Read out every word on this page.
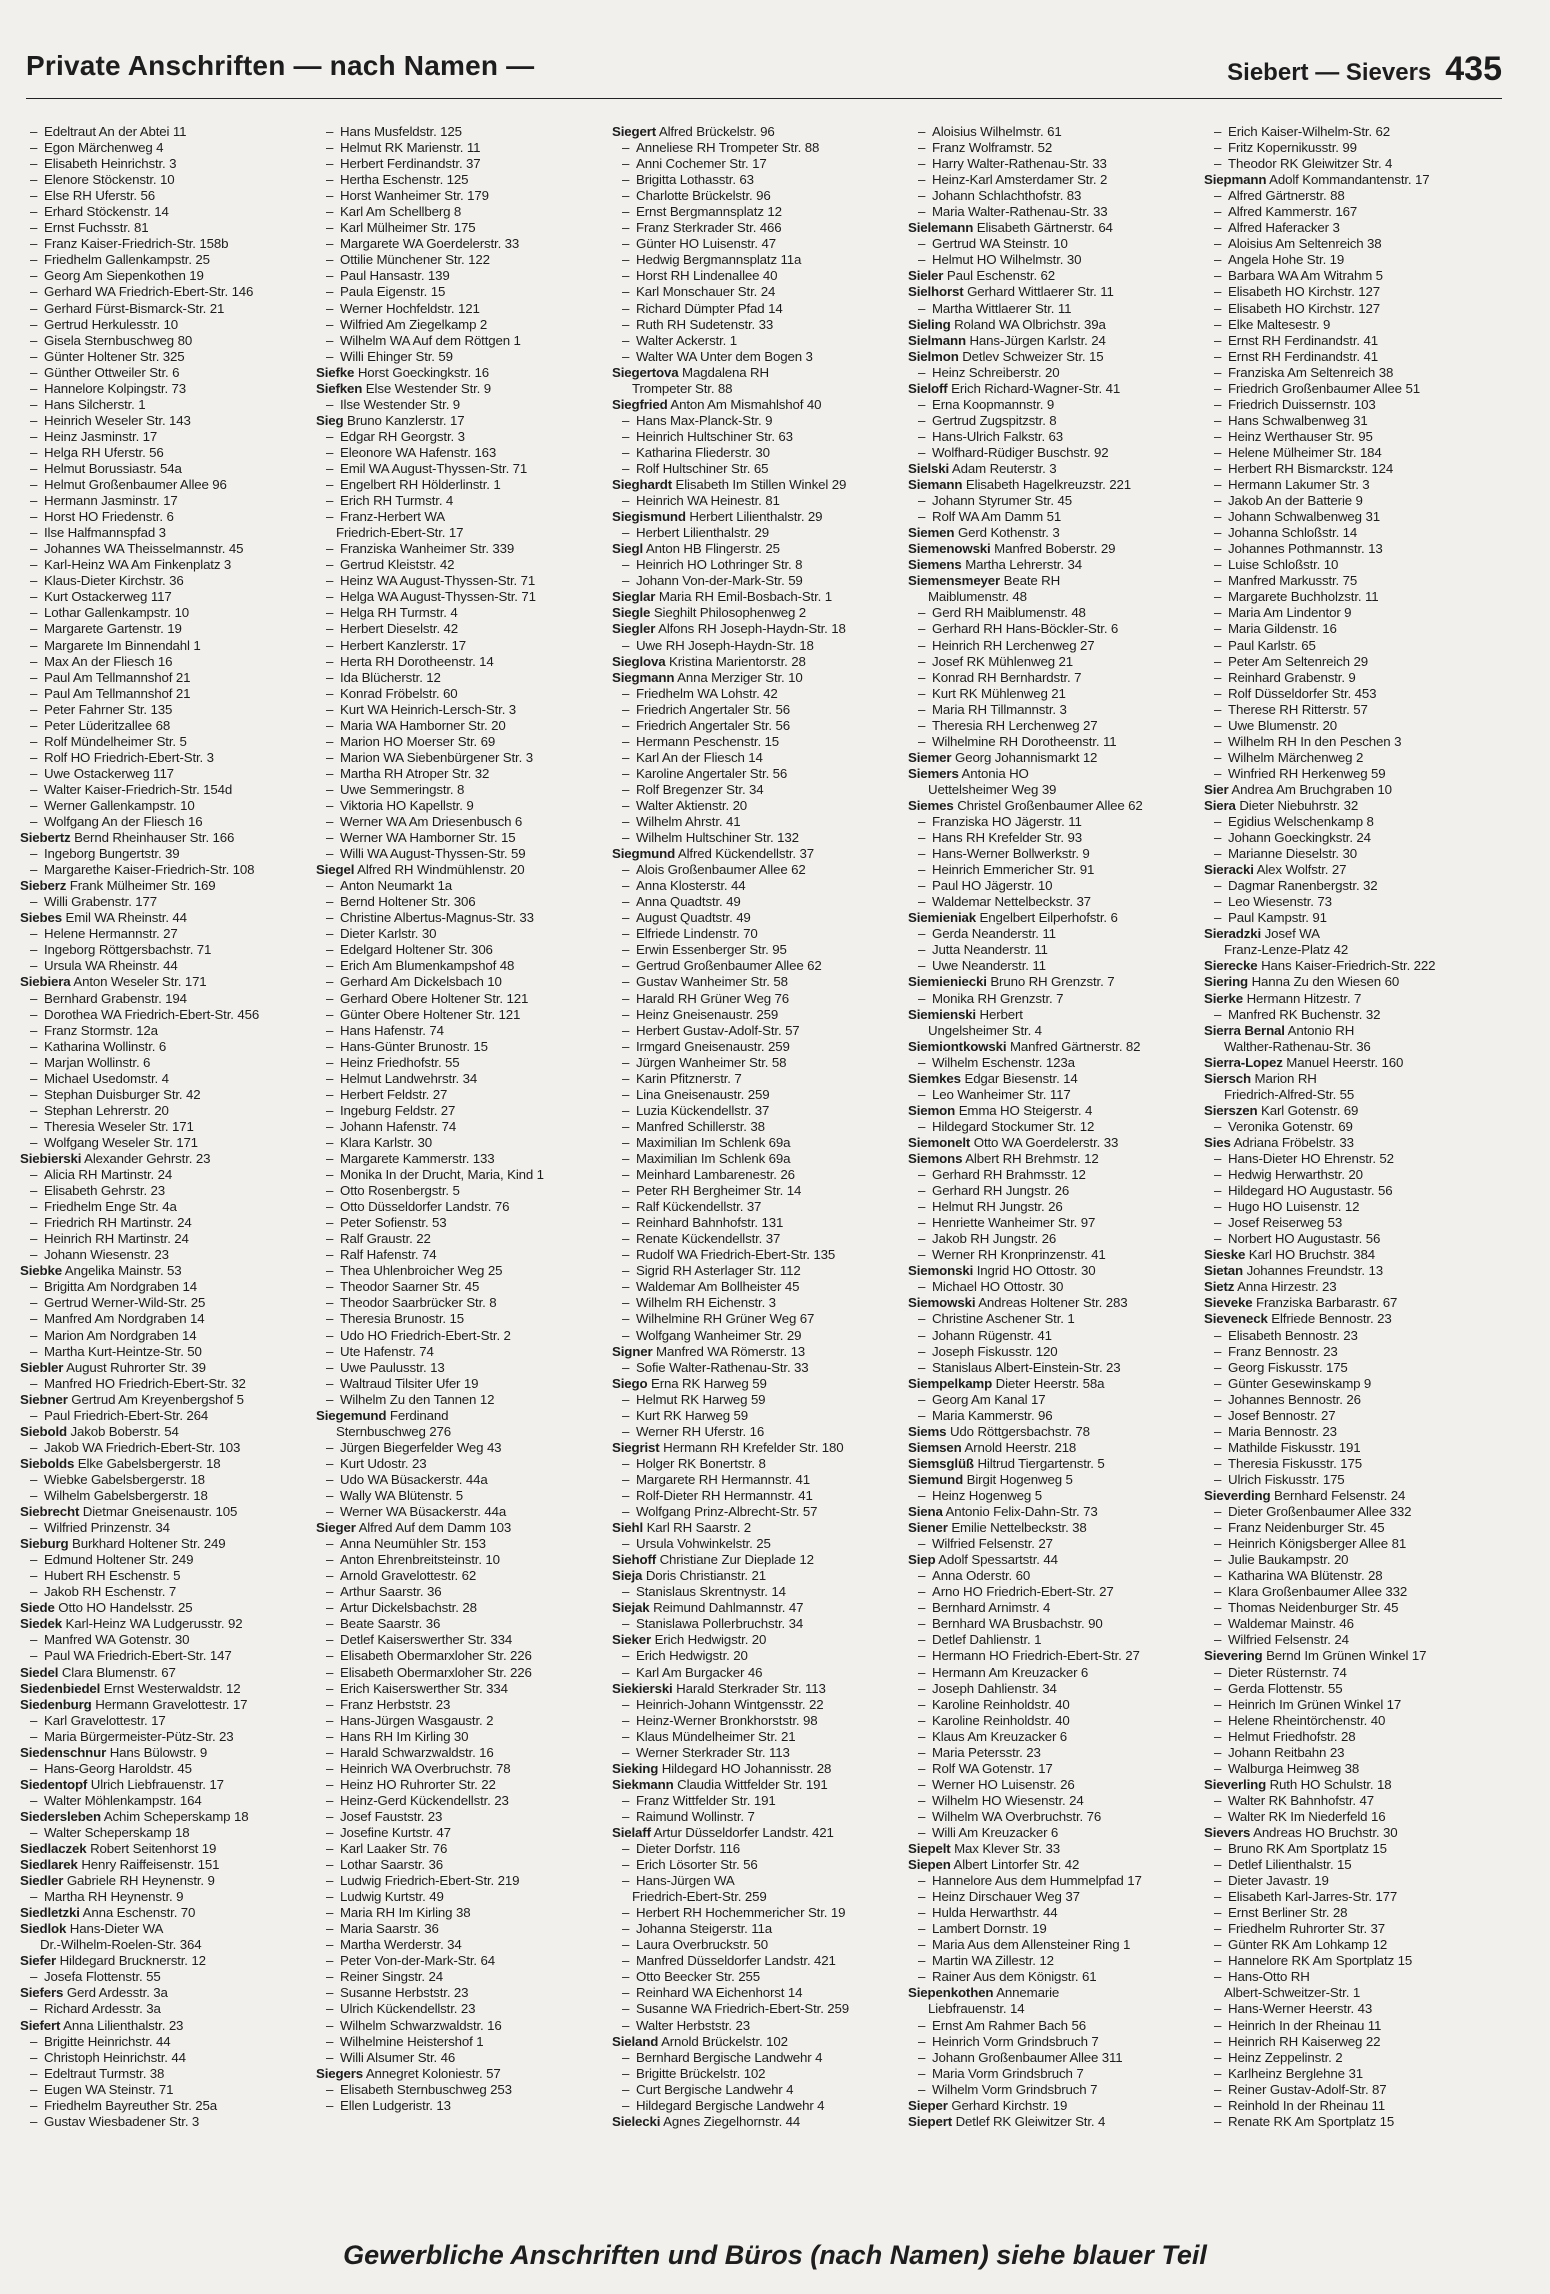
Private Anschriften — nach Namen —	Siebert — Sievers 435
– Edeltraut An der Abtei 11
– Egon Märchenweg 4
– Elisabeth Heinrichstr. 3
– Elenore Stöckenstr. 10
– Else RH Uferstr. 56
– Erhard Stöckenstr. 14
– Ernst Fuchsstr. 81
– Franz Kaiser-Friedrich-Str. 158b
– Friedhelm Gallenkampstr. 25
– Georg Am Siepenkothen 19
– Gerhard WA Friedrich-Ebert-Str. 146
– Gerhard Fürst-Bismarck-Str. 21
– Gertrud Herkulesstr. 10
– Gisela Sternbuschweg 80
– Günter Holtener Str. 325
– Günther Ottweiler Str. 6
– Hannelore Kolpingstr. 73
– Hans Silcherstr. 1
– Heinrich Weseler Str. 143
– Heinz Jasminstr. 17
– Helga RH Uferstr. 56
– Helmut Borussiastr. 54a
– Helmut Großenbaumer Allee 96
– Hermann Jasminstr. 17
– Horst HO Friedenstr. 6
– Ilse Halfmannspfad 3
– Johannes WA Theisselmannstr. 45
– Karl-Heinz WA Am Finkenplatz 3
– Klaus-Dieter Kirchstr. 36
– Kurt Ostackerweg 117
– Lothar Gallenkampstr. 10
– Margarete Gartenstr. 19
– Margarete Im Binnendahl 1
– Max An der Fliesch 16
– Paul Am Tellmannshof 21
– Paul Am Tellmannshof 21
– Peter Fahrner Str. 135
– Peter Lüderitzallee 68
– Rolf Mündelheimer Str. 5
– Rolf HO Friedrich-Ebert-Str. 3
– Uwe Ostackerweg 117
– Walter Kaiser-Friedrich-Str. 154d
– Werner Gallenkampstr. 10
– Wolfgang An der Fliesch 16
Siebertz Bernd Rheinhauser Str. 166
– Ingeborg Bungertstr. 39
– Margarethe Kaiser-Friedrich-Str. 108
Sieberz Frank Mülheimer Str. 169
– Willi Grabenstr. 177
Siebes Emil WA Rheinstr. 44
– Helene Hermannstr. 27
– Ingeborg Röttgersbachstr. 71
– Ursula WA Rheinstr. 44
Siebiera Anton Weseler Str. 171
– Bernhard Grabenstr. 194
– Dorothea WA Friedrich-Ebert-Str. 456
– Franz Stormstr. 12a
– Katharina Wollinstr. 6
– Marjan Wollinstr. 6
– Michael Usedomstr. 4
– Stephan Duisburger Str. 42
– Stephan Lehrerstr. 20
– Theresia Weseler Str. 171
– Wolfgang Weseler Str. 171
Siebierski Alexander Gehrstr. 23
– Alicia RH Martinstr. 24
– Elisabeth Gehrstr. 23
– Friedhelm Enge Str. 4a
– Friedrich RH Martinstr. 24
– Heinrich RH Martinstr. 24
– Johann Wiesenstr. 23
Siebke Angelika Mainstr. 53
– Brigitta Am Nordgraben 14
– Gertrud Werner-Wild-Str. 25
– Manfred Am Nordgraben 14
– Marion Am Nordgraben 14
– Martha Kurt-Heintze-Str. 50
Siebler August Ruhrorter Str. 39
– Manfred HO Friedrich-Ebert-Str. 32
Siebner Gertrud Am Kreyenbergshof 5
– Paul Friedrich-Ebert-Str. 264
Siebold Jakob Boberstr. 54
– Jakob WA Friedrich-Ebert-Str. 103
Siebolds Elke Gabelsbergerstr. 18
– Wiebke Gabelsbergerstr. 18
– Wilhelm Gabelsbergerstr. 18
Siebrecht Dietmar Gneisenaustr. 105
– Wilfried Prinzenstr. 34
Sieburg Burkhard Holtener Str. 249
– Edmund Holtener Str. 249
– Hubert RH Eschenstr. 5
– Jakob RH Eschenstr. 7
Siede Otto HO Handelsstr. 25
Siedek Karl-Heinz WA Ludgerusstr. 92
– Manfred WA Gotenstr. 30
– Paul WA Friedrich-Ebert-Str. 147
Siedel Clara Blumenstr. 67
Siedenbiedel Ernst Westerwaldstr. 12
Siedenburg Hermann Gravelottestr. 17
– Karl Gravelottestr. 17
– Maria Bürgermeister-Pütz-Str. 23
Siedenschnur Hans Bülowstr. 9
– Hans-Georg Haroldstr. 45
Siedentopf Ulrich Liebfrauenstr. 17
– Walter Möhlenkampstr. 164
Siedersleben Achim Scheperskamp 18
– Walter Scheperskamp 18
Siedlaczek Robert Seitenhorst 19
Siedlarek Henry Raiffeisenstr. 151
Siedler Gabriele RH Heynenstr. 9
– Martha RH Heynenstr. 9
Siedletzki Anna Eschenstr. 70
Siedlok Hans-Dieter WA
Dr.-Wilhelm-Roelen-Str. 364
Siefer Hildegard Brucknerstr. 12
– Josefa Flottenstr. 55
Siefers Gerd Ardesstr. 3a
– Richard Ardesstr. 3a
Siefert Anna Lilienthalstr. 23
– Brigitte Heinrichstr. 44
– Christoph Heinrichstr. 44
– Edeltraut Turmstr. 38
– Eugen WA Steinstr. 71
– Friedhelm Bayreuther Str. 25a
– Gustav Wiesbadener Str. 3
– Hans Musfeldstr. 125
– Helmut RK Marienstr. 11
– Herbert Ferdinandstr. 37
– Hertha Eschenstr. 125
– Horst Wanheimer Str. 179
– Karl Am Schellberg 8
– Karl Mülheimer Str. 175
– Margarete WA Goerdelerstr. 33
– Ottilie Münchener Str. 122
– Paul Hansastr. 139
– Paula Eigenstr. 15
– Werner Hochfeldstr. 121
– Wilfried Am Ziegelkamp 2
– Wilhelm WA Auf dem Röttgen 1
– Willi Ehinger Str. 59
Siefke Horst Goeckingkstr. 16
Siefken Else Westender Str. 9
– Ilse Westender Str. 9
Sieg Bruno Kanzlerstr. 17
– Edgar RH Georgstr. 3
– Eleonore WA Hafenstr. 163
– Emil WA August-Thyssen-Str. 71
– Engelbert RH Hölderlinstr. 1
– Erich RH Turmstr. 4
– Franz-Herbert WA
Friedrich-Ebert-Str. 17
– Franziska Wanheimer Str. 339
– Gertrud Kleiststr. 42
– Heinz WA August-Thyssen-Str. 71
– Helga WA August-Thyssen-Str. 71
– Helga RH Turmstr. 4
– Herbert Dieselstr. 42
– Herbert Kanzlerstr. 17
– Herta RH Dorotheenstr. 14
– Ida Blücherstr. 12
– Konrad Fröbelstr. 60
– Kurt WA Heinrich-Lersch-Str. 3
– Maria WA Hamborner Str. 20
– Marion HO Moerser Str. 69
– Marion WA Siebenbürgener Str. 3
– Martha RH Atroper Str. 32
– Uwe Semmeringstr. 8
– Viktoria HO Kapellstr. 9
– Werner WA Am Driesenbusch 6
– Werner WA Hamborner Str. 15
– Willi WA August-Thyssen-Str. 59
Siegel Alfred RH Windmühlenstr. 20
– Anton Neumarkt 1a
– Bernd Holtener Str. 306
– Christine Albertus-Magnus-Str. 33
– Dieter Karlstr. 30
– Edelgard Holtener Str. 306
– Erich Am Blumenkampshof 48
– Gerhard Am Dickelsbach 10
– Gerhard Obere Holtener Str. 121
– Günter Obere Holtener Str. 121
– Hans Hafenstr. 74
– Hans-Günter Brunostr. 15
– Heinz Friedhofstr. 55
– Helmut Landwehrstr. 34
– Herbert Feldstr. 27
– Ingeburg Feldstr. 27
– Johann Hafenstr. 74
– Klara Karlstr. 30
– Margarete Kammerstr. 133
– Monika In der Drucht, Maria, Kind 1
– Otto Rosenbergstr. 5
– Otto Düsseldorfer Landstr. 76
– Peter Sofienstr. 53
– Ralf Graustr. 22
– Ralf Hafenstr. 74
– Thea Uhlenbroicher Weg 25
– Theodor Saarner Str. 45
– Theodor Saarbrücker Str. 8
– Theresia Brunostr. 15
– Udo HO Friedrich-Ebert-Str. 2
– Ute Hafenstr. 74
– Uwe Paulusstr. 13
– Waltraud Tilsiter Ufer 19
– Wilhelm Zu den Tannen 12
Siegemund Ferdinand
Sternbuschweg 276
– Jürgen Biegerfelder Weg 43
– Kurt Udostr. 23
– Udo WA Büsackerstr. 44a
– Wally WA Blütenstr. 5
– Werner WA Büsackerstr. 44a
Sieger Alfred Auf dem Damm 103
– Anna Neumühler Str. 153
– Anton Ehrenbreitsteinstr. 10
– Arnold Gravelottestr. 62
– Arthur Saarstr. 36
– Artur Dickelsbachstr. 28
– Beate Saarstr. 36
– Detlef Kaiserswerther Str. 334
– Elisabeth Obermarxloher Str. 226
– Elisabeth Obermarxloher Str. 226
– Erich Kaiserswerther Str. 334
– Franz Herbststr. 23
– Hans-Jürgen Wasgaustr. 2
– Hans RH Im Kirling 30
– Harald Schwarzwaldstr. 16
– Heinrich WA Overbruchstr. 78
– Heinz HO Ruhrorter Str. 22
– Heinz-Gerd Kückendellstr. 23
– Josef Fauststr. 23
– Josefine Kurtstr. 47
– Karl Laaker Str. 76
– Lothar Saarstr. 36
– Ludwig Friedrich-Ebert-Str. 219
– Ludwig Kurtstr. 49
– Maria RH Im Kirling 38
– Maria Saarstr. 36
– Martha Werderstr. 34
– Peter Von-der-Mark-Str. 64
– Reiner Singstr. 24
– Susanne Herbststr. 23
– Ulrich Kückendellstr. 23
– Wilhelm Schwarzwaldstr. 16
– Wilhelmine Heistershof 1
– Willi Alsumer Str. 46
Siegers Annegret Koloniestr. 57
– Elisabeth Sternbuschweg 253
– Ellen Ludgeristr. 13
Siegert Alfred Brückelstr. 96
– Anneliese RH Trompeter Str. 88
– Anni Cochemer Str. 17
– Brigitta Lothasstr. 63
– Charlotte Brückelstr. 96
– Ernst Bergmannsplatz 12
– Franz Sterkrader Str. 466
– Günter HO Luisenstr. 47
– Hedwig Bergmannsplatz 11a
– Horst RH Lindenallee 40
– Karl Monschauer Str. 24
– Richard Dümpter Pfad 14
– Ruth RH Sudetenstr. 33
– Walter Ackerstr. 1
– Walter WA Unter dem Bogen 3
Siegertova Magdalena RH
Trompeter Str. 88
Siegfried Anton Am Mismahlshof 40
– Hans Max-Planck-Str. 9
– Heinrich Hultschiner Str. 63
– Katharina Fliederstr. 30
– Rolf Hultschiner Str. 65
Sieghardt Elisabeth Im Stillen Winkel 29
– Heinrich WA Heinestr. 81
Siegismund Herbert Lilienthalstr. 29
– Herbert Lilienthalstr. 29
Siegl Anton HB Flingerstr. 25
– Heinrich HO Lothringer Str. 8
– Johann Von-der-Mark-Str. 59
Sieglar Maria RH Emil-Bosbach-Str. 1
Siegle Sieghilt Philosophenweg 2
Siegler Alfons RH Joseph-Haydn-Str. 18
– Uwe RH Joseph-Haydn-Str. 18
Sieglova Kristina Marientorstr. 28
Siegmann Anna Merziger Str. 10
– Friedhelm WA Lohstr. 42
– Friedrich Angertaler Str. 56
– Friedrich Angertaler Str. 56
– Hermann Peschenstr. 15
– Karl An der Fliesch 14
– Karoline Angertaler Str. 56
– Rolf Bregenzer Str. 34
– Walter Aktienstr. 20
– Wilhelm Ahrstr. 41
– Wilhelm Hultschiner Str. 132
Siegmund Alfred Kückendellstr. 37
– Alois Großenbaumer Allee 62
– Anna Klosterstr. 44
– Anna Quadtstr. 49
– August Quadtstr. 49
– Elfriede Lindenstr. 70
– Erwin Essenberger Str. 95
– Gertrud Großenbaumer Allee 62
– Gustav Wanheimer Str. 58
– Harald RH Grüner Weg 76
– Heinz Gneisenaustr. 259
– Herbert Gustav-Adolf-Str. 57
– Irmgard Gneisenaustr. 259
– Jürgen Wanheimer Str. 58
– Karin Pfitznerstr. 7
– Lina Gneisenaustr. 259
– Luzia Kückendellstr. 37
– Manfred Schillerstr. 38
– Maximilian Im Schlenk 69a
– Maximilian Im Schlenk 69a
– Meinhard Lambarenestr. 26
– Peter RH Bergheimer Str. 14
– Ralf Kückendellstr. 37
– Reinhard Bahnhofstr. 131
– Renate Kückendellstr. 37
– Rudolf WA Friedrich-Ebert-Str. 135
– Sigrid RH Asterlager Str. 112
– Waldemar Am Bollheister 45
– Wilhelm RH Eichenstr. 3
– Wilhelmine RH Grüner Weg 67
– Wolfgang Wanheimer Str. 29
Signer Manfred WA Römerstr. 13
– Sofie Walter-Rathenau-Str. 33
Siego Erna RK Harweg 59
– Helmut RK Harweg 59
– Kurt RK Harweg 59
– Werner RH Uferstr. 16
Siegrist Hermann RH Krefelder Str. 180
– Holger RK Bonertstr. 8
– Margarete RH Hermannstr. 41
– Rolf-Dieter RH Hermannstr. 41
– Wolfgang Prinz-Albrecht-Str. 57
Siehl Karl RH Saarstr. 2
– Ursula Vohwinkelstr. 25
Siehoff Christiane Zur Dieplade 12
Sieja Doris Christianstr. 21
– Stanislaus Skrentnystr. 14
Siejak Reimund Dahlmannstr. 47
– Stanislawa Pollerbruchstr. 34
Sieker Erich Hedwigstr. 20
– Erich Hedwigstr. 20
– Karl Am Burgacker 46
Siekierski Harald Sterkrader Str. 113
– Heinrich-Johann Wintgensstr. 22
– Heinz-Werner Bronkhorststr. 98
– Klaus Mündelheimer Str. 21
– Werner Sterkrader Str. 113
Sieking Hildegard HO Johannisstr. 28
Siekmann Claudia Wittfelder Str. 191
– Franz Wittfelder Str. 191
– Raimund Wollinstr. 7
Sielaff Artur Düsseldorfer Landstr. 421
– Dieter Dorfstr. 116
– Erich Lösorter Str. 56
– Hans-Jürgen WA
Friedrich-Ebert-Str. 259
– Herbert RH Hochemmericher Str. 19
– Johanna Steigerstr. 11a
– Laura Overbruckstr. 50
– Manfred Düsseldorfer Landstr. 421
– Otto Beecker Str. 255
– Reinhard WA Eichenhorst 14
– Susanne WA Friedrich-Ebert-Str. 259
– Walter Herbststr. 23
Sieland Arnold Brückelstr. 102
– Bernhard Bergische Landwehr 4
– Brigitte Brückelstr. 102
– Curt Bergische Landwehr 4
– Hildegard Bergische Landwehr 4
Sielecki Agnes Ziegelhornstr. 44
– Aloisius Wilhelmstr. 61
– Franz Wolframstr. 52
– Harry Walter-Rathenau-Str. 33
– Heinz-Karl Amsterdamer Str. 2
– Johann Schlachthofstr. 83
– Maria Walter-Rathenau-Str. 33
Sielemann Elisabeth Gärtnerstr. 64
– Gertrud WA Steinstr. 10
– Helmut HO Wilhelmstr. 30
Sieler Paul Eschenstr. 62
Sielhorst Gerhard Wittlaerer Str. 11
– Martha Wittlaerer Str. 11
Sieling Roland WA Olbrichstr. 39a
Sielmann Hans-Jürgen Karlstr. 24
Sielmon Detlev Schweizer Str. 15
– Heinz Schreiberstr. 20
Sieloff Erich Richard-Wagner-Str. 41
– Erna Koopmannstr. 9
– Gertrud Zugspitzstr. 8
– Hans-Ulrich Falkstr. 63
– Wolfhard-Rüdiger Buschstr. 92
Sielski Adam Reuterstr. 3
Siemann Elisabeth Hagelkreuzstr. 221
– Johann Styrumer Str. 45
– Rolf WA Am Damm 51
Siemen Gerd Kothenstr. 3
Siemenowski Manfred Boberstr. 29
Siemens Martha Lehrerstr. 34
Siemensmeyer Beate RH
Maiblumenstr. 48
– Gerd RH Maiblumenstr. 48
– Gerhard RH Hans-Böckler-Str. 6
– Heinrich RH Lerchenweg 27
– Josef RK Mühlenweg 21
– Konrad RH Bernhardstr. 7
– Kurt RK Mühlenweg 21
– Maria RH Tillmannstr. 3
– Theresia RH Lerchenweg 27
– Wilhelmine RH Dorotheenstr. 11
Siemer Georg Johannismarkt 12
Siemers Antonia HO
Uettelsheimer Weg 39
Siemes Christel Großenbaumer Allee 62
– Franziska HO Jägerstr. 11
– Hans RH Krefelder Str. 93
– Hans-Werner Bollwerkstr. 9
– Heinrich Emmericher Str. 91
– Paul HO Jägerstr. 10
– Waldemar Nettelbeckstr. 37
Siemieniak Engelbert Eilperhofstr. 6
– Gerda Neanderstr. 11
– Jutta Neanderstr. 11
– Uwe Neanderstr. 11
Siemieniecki Bruno RH Grenzstr. 7
– Monika RH Grenzstr. 7
Siemienski Herbert
Ungelsheimer Str. 4
Siemiontkowski Manfred Gärtnerstr. 82
– Wilhelm Eschenstr. 123a
Siemkes Edgar Biesenstr. 14
– Leo Wanheimer Str. 117
Siemon Emma HO Steigerstr. 4
– Hildegard Stockumer Str. 12
Siemonelt Otto WA Goerdelerstr. 33
Siemons Albert RH Brehmstr. 12
– Gerhard RH Brahmsstr. 12
– Gerhard RH Jungstr. 26
– Helmut RH Jungstr. 26
– Henriette Wanheimer Str. 97
– Jakob RH Jungstr. 26
– Werner RH Kronprinzenstr. 41
Siemonski Ingrid HO Ottostr. 30
– Michael HO Ottostr. 30
Siemowski Andreas Holtener Str. 283
– Christine Aschener Str. 1
– Johann Rügenstr. 41
– Joseph Fiskusstr. 120
– Stanislaus Albert-Einstein-Str. 23
Siempelkamp Dieter Heerstr. 58a
– Georg Am Kanal 17
– Maria Kammerstr. 96
Siems Udo Röttgersbachstr. 78
Siemsen Arnold Heerstr. 218
Siemsglüß Hiltrud Tiergartenstr. 5
Siemund Birgit Hogenweg 5
– Heinz Hogenweg 5
Siena Antonio Felix-Dahn-Str. 73
Siener Emilie Nettelbeckstr. 38
– Wilfried Felsenstr. 27
Siep Adolf Spessartstr. 44
– Anna Oderstr. 60
– Arno HO Friedrich-Ebert-Str. 27
– Bernhard Arnimstr. 4
– Bernhard WA Brusbachstr. 90
– Detlef Dahlienstr. 1
– Hermann HO Friedrich-Ebert-Str. 27
– Hermann Am Kreuzacker 6
– Joseph Dahlienstr. 34
– Karoline Reinholdstr. 40
– Karoline Reinholdstr. 40
– Klaus Am Kreuzacker 6
– Maria Petersstr. 23
– Rolf WA Gotenstr. 17
– Werner HO Luisenstr. 26
– Wilhelm HO Wiesenstr. 24
– Wilhelm WA Overbruchstr. 76
– Willi Am Kreuzacker 6
Siepelt Max Klever Str. 33
Siepen Albert Lintorfer Str. 42
– Hannelore Aus dem Hummelpfad 17
– Heinz Dirschauer Weg 37
– Hulda Herwarthstr. 44
– Lambert Dornstr. 19
– Maria Aus dem Allensteiner Ring 1
– Martin WA Zillestr. 12
– Rainer Aus dem Königstr. 61
Siepenkothen Annemarie
Liebfrauenstr. 14
– Ernst Am Rahmer Bach 56
– Heinrich Vorm Grindsbruch 7
– Johann Großenbaumer Allee 311
– Maria Vorm Grindsbruch 7
– Wilhelm Vorm Grindsbruch 7
Sieper Gerhard Kirchstr. 19
Siepert Detlef RK Gleiwitzer Str. 4
– Erich Kaiser-Wilhelm-Str. 62
– Fritz Kopernikusstr. 99
– Theodor RK Gleiwitzer Str. 4
Siepmann Adolf Kommandantenstr. 17
– Alfred Gärtnerstr. 88
– Alfred Kammerstr. 167
– Alfred Haferacker 3
– Aloisius Am Seltenreich 38
– Angela Hohe Str. 19
– Barbara WA Am Witrahm 5
– Elisabeth HO Kirchstr. 127
– Elisabeth HO Kirchstr. 127
– Elke Maltesestr. 9
– Ernst RH Ferdinandstr. 41
– Ernst RH Ferdinandstr. 41
– Franziska Am Seltenreich 38
– Friedrich Großenbaumer Allee 51
– Friedrich Duissernstr. 103
– Hans Schwalbenweg 31
– Heinz Werthauser Str. 95
– Helene Mülheimer Str. 184
– Herbert RH Bismarckstr. 124
– Hermann Lakumer Str. 3
– Jakob An der Batterie 9
– Johann Schwalbenweg 31
– Johanna Schloßstr. 14
– Johannes Pothmannstr. 13
– Luise Schloßstr. 10
– Manfred Markusstr. 75
– Margarete Buchholzstr. 11
– Maria Am Lindentor 9
– Maria Gildenstr. 16
– Paul Karlstr. 65
– Peter Am Seltenreich 29
– Reinhard Grabenstr. 9
– Rolf Düsseldorfer Str. 453
– Therese RH Ritterstr. 57
– Uwe Blumenstr. 20
– Wilhelm RH In den Peschen 3
– Wilhelm Märchenweg 2
– Winfried RH Herkenweg 59
Sier Andrea Am Bruchgraben 10
Siera Dieter Niebuhrstr. 32
– Egidius Welschenkamp 8
– Johann Goeckingkstr. 24
– Marianne Dieselstr. 30
Sieracki Alex Wolfstr. 27
– Dagmar Ranenbergstr. 32
– Leo Wiesenstr. 73
– Paul Kampstr. 91
Sieradzki Josef WA
Franz-Lenze-Platz 42
Sierecke Hans Kaiser-Friedrich-Str. 222
Siering Hanna Zu den Wiesen 60
Sierke Hermann Hitzestr. 7
– Manfred RK Buchenstr. 32
Sierra Bernal Antonio RH
Walther-Rathenau-Str. 36
Sierra-Lopez Manuel Heerstr. 160
Siersch Marion RH
Friedrich-Alfred-Str. 55
Sierszen Karl Gotenstr. 69
– Veronika Gotenstr. 69
Sies Adriana Fröbelstr. 33
– Hans-Dieter HO Ehrenstr. 52
– Hedwig Herwarthstr. 20
– Hildegard HO Augustastr. 56
– Hugo HO Luisenstr. 12
– Josef Reiserweg 53
– Norbert HO Augustastr. 56
Sieske Karl HO Bruchstr. 384
Sietan Johannes Freundstr. 13
Sietz Anna Hirzestr. 23
Sieveke Franziska Barbarastr. 67
Sieveneck Elfriede Bennostr. 23
– Elisabeth Bennostr. 23
– Franz Bennostr. 23
– Georg Fiskusstr. 175
– Günter Gesewinskamp 9
– Johannes Bennostr. 26
– Josef Bennostr. 27
– Maria Bennostr. 23
– Mathilde Fiskusstr. 191
– Theresia Fiskusstr. 175
– Ulrich Fiskusstr. 175
Sieverding Bernhard Felsenstr. 24
– Dieter Großenbaumer Allee 332
– Franz Neidenburger Str. 45
– Heinrich Königsberger Allee 81
– Julie Baukampstr. 20
– Katharina WA Blütenstr. 28
– Klara Großenbaumer Allee 332
– Thomas Neidenburger Str. 45
– Waldemar Mainstr. 46
– Wilfried Felsenstr. 24
Sievering Bernd Im Grünen Winkel 17
– Dieter Rüsternstr. 74
– Gerda Flottenstr. 55
– Heinrich Im Grünen Winkel 17
– Helene Rheintörchenstr. 40
– Helmut Friedhofstr. 28
– Johann Reitbahn 23
– Walburga Heimweg 38
Sieverling Ruth HO Schulstr. 18
– Walter RK Bahnhofstr. 47
– Walter RK Im Niederfeld 16
Sievers Andreas HO Bruchstr. 30
– Bruno RK Am Sportplatz 15
– Detlef Lilienthalstr. 15
– Dieter Javastr. 19
– Elisabeth Karl-Jarres-Str. 177
– Ernst Berliner Str. 28
– Friedhelm Ruhrorter Str. 37
– Günter RK Am Lohkamp 12
– Hannelore RK Am Sportplatz 15
– Hans-Otto RH
Albert-Schweitzer-Str. 1
– Hans-Werner Heerstr. 43
– Heinrich In der Rheinau 11
– Heinrich RH Kaiserweg 22
– Heinz Zeppelinstr. 2
– Karlheinz Berglehne 31
– Reiner Gustav-Adolf-Str. 87
– Reinhold In der Rheinau 11
– Renate RK Am Sportplatz 15
Gewerbliche Anschriften und Büros (nach Namen) siehe blauer Teil
